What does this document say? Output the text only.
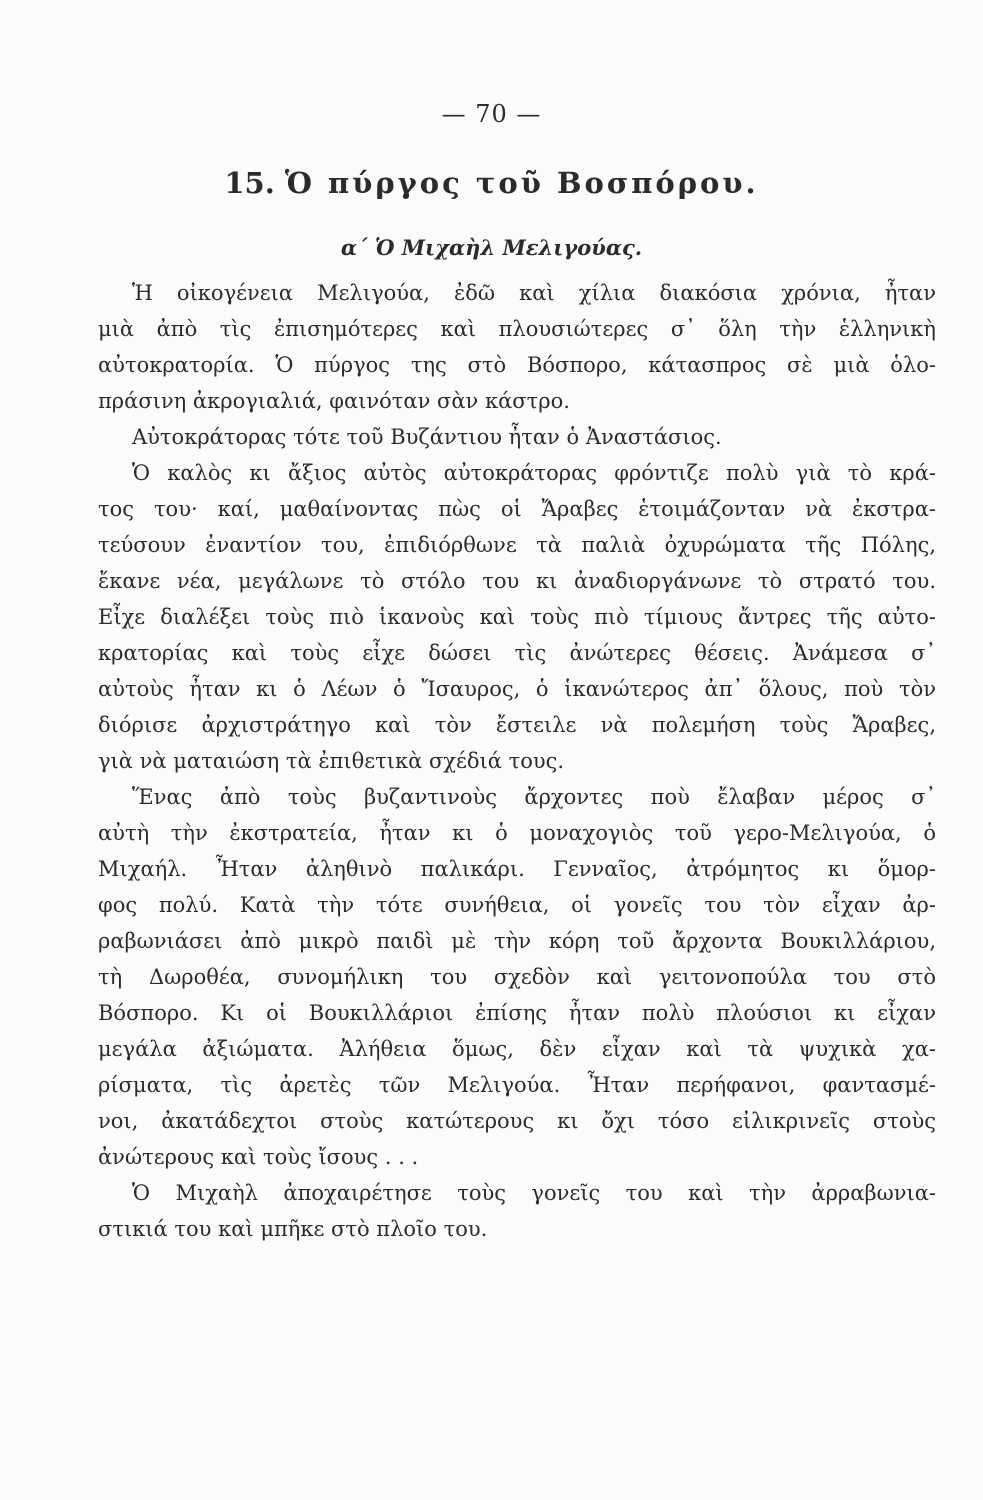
— 70 —
15. Ὁ πύργος τοῦ Βοσπόρου.
α΄ Ὁ Μιχαὴλ Μελιγούας.
Ἡ οἰκογένεια Μελιγούα, ἐδῶ καὶ χίλια διακόσια χρόνια, ἦταν
μιὰ ἀπὸ τὶς ἐπισημότερες καὶ πλουσιώτερες σ᾿ ὅλη τὴν ἑλληνικὴ
αὐτοκρατορία. Ὁ πύργος της στὸ Βόσπορο, κάτασπρος σὲ μιὰ ὁλο-
πράσινη ἀκρογιαλιά, φαινόταν σὰν κάστρο.
Αὐτοκράτορας τότε τοῦ Βυζάντιου ἦταν ὁ Ἀναστάσιος.
Ὁ καλὸς κι ἄξιος αὐτὸς αὐτοκράτορας φρόντιζε πολὺ γιὰ τὸ κρά-
τος του· καί, μαθαίνοντας πὼς οἱ Ἄραβες ἑτοιμάζονταν νὰ ἐκστρα-
τεύσουν ἐναντίον του, ἐπιδιόρθωνε τὰ παλιὰ ὀχυρώματα τῆς Πόλης,
ἔκανε νέα, μεγάλωνε τὸ στόλο του κι ἀναδιοργάνωνε τὸ στρατό του.
Εἶχε διαλέξει τοὺς πιὸ ἱκανοὺς καὶ τοὺς πιὸ τίμιους ἄντρες τῆς αὐτο-
κρατορίας καὶ τοὺς εἶχε δώσει τὶς ἀνώτερες θέσεις. Ἀνάμεσα σ᾿
αὐτοὺς ἦταν κι ὁ Λέων ὁ Ἴσαυρος, ὁ ἱκανώτερος ἀπ᾿ ὅλους, ποὺ τὸν
διόρισε ἀρχιστράτηγο καὶ τὸν ἔστειλε νὰ πολεμήση τοὺς Ἄραβες,
γιὰ νὰ ματαιώση τὰ ἐπιθετικὰ σχέδιά τους.
Ἕνας ἀπὸ τοὺς βυζαντινοὺς ἄρχοντες ποὺ ἔλαβαν μέρος σ᾿
αὐτὴ τὴν ἐκστρατεία, ἦταν κι ὁ μοναχογιὸς τοῦ γερο-Μελιγούα, ὁ
Μιχαήλ. Ἦταν ἀληθινὸ παλικάρι. Γενναῖος, ἀτρόμητος κι ὅμορ-
φος πολύ. Κατὰ τὴν τότε συνήθεια, οἱ γονεῖς του τὸν εἶχαν ἀρ-
ραβωνιάσει ἀπὸ μικρὸ παιδὶ μὲ τὴν κόρη τοῦ ἄρχοντα Βουκιλλάριου,
τὴ Δωροθέα, συνομήλικη του σχεδὸν καὶ γειτονοπούλα του στὸ
Βόσπορο. Κι οἱ Βουκιλλάριοι ἐπίσης ἦταν πολὺ πλούσιοι κι εἶχαν
μεγάλα ἀξιώματα. Ἀλήθεια ὅμως, δὲν εἶχαν καὶ τὰ ψυχικὰ χα-
ρίσματα, τὶς ἀρετὲς τῶν Μελιγούα. Ἦταν περήφανοι, φαντασμέ-
νοι, ἀκατάδεχτοι στοὺς κατώτερους κι ὄχι τόσο εἰλικρινεῖς στοὺς
ἀνώτερους καὶ τοὺς ἴσους . . .
Ὁ Μιχαὴλ ἀποχαιρέτησε τοὺς γονεῖς του καὶ τὴν ἀρραβωνια-
στικιά του καὶ μπῆκε στὸ πλοῖο του.
